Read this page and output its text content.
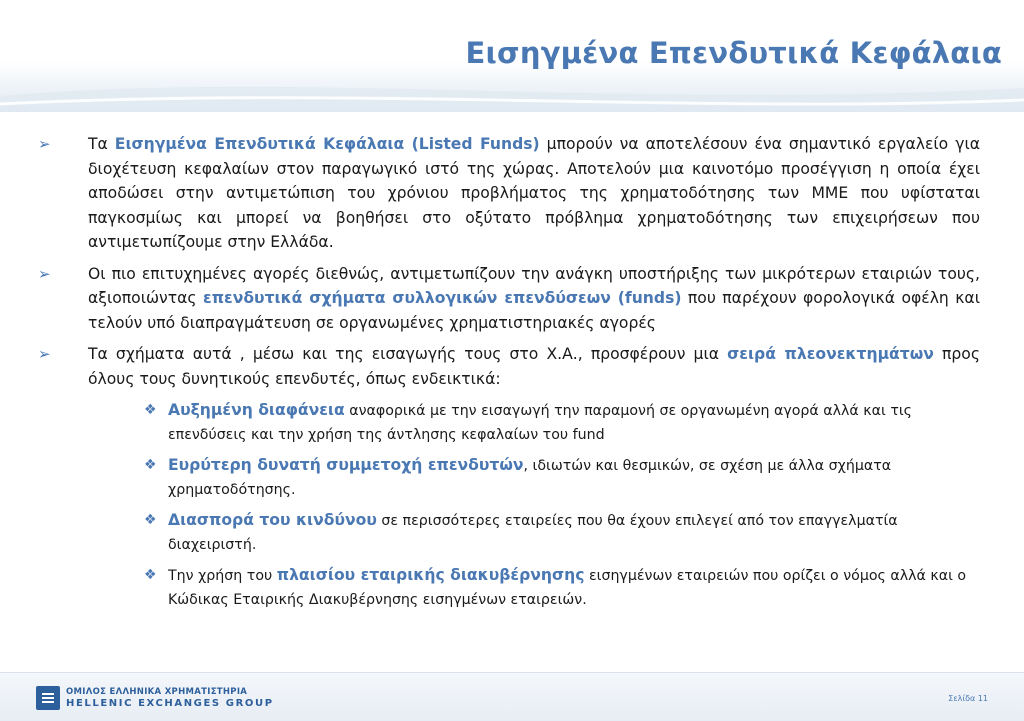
Εισηγμένα Επενδυτικά Κεφάλαια
➢ Τα Εισηγμένα Επενδυτικά Κεφάλαια (Listed Funds) μπορούν να αποτελέσουν ένα σημαντικό εργαλείο για διοχέτευση κεφαλαίων στον παραγωγικό ιστό της χώρας. Αποτελούν μια καινοτόμο προσέγγιση η οποία έχει αποδώσει στην αντιμετώπιση του χρόνιου προβλήματος της χρηματοδότησης των ΜΜΕ που υφίσταται παγκοσμίως και μπορεί να βοηθήσει στο οξύτατο πρόβλημα χρηματοδότησης των επιχειρήσεων που αντιμετωπίζουμε στην Ελλάδα.
➢ Οι πιο επιτυχημένες αγορές διεθνώς, αντιμετωπίζουν την ανάγκη υποστήριξης των μικρότερων εταιριών τους, αξιοποιώντας επενδυτικά σχήματα συλλογικών επενδύσεων (funds) που παρέχουν φορολογικά οφέλη και τελούν υπό διαπραγμάτευση σε οργανωμένες χρηματιστηριακές αγορές
➢ Τα σχήματα αυτά , μέσω και της εισαγωγής τους στο Χ.Α., προσφέρουν μια σειρά πλεονεκτημάτων προς όλους τους δυνητικούς επενδυτές, όπως ενδεικτικά:
❖ Αυξημένη διαφάνεια αναφορικά με την εισαγωγή την παραμονή σε οργανωμένη αγορά αλλά και τις επενδύσεις και την χρήση της άντλησης κεφαλαίων του fund
❖ Ευρύτερη δυνατή συμμετοχή επενδυτών, ιδιωτών και θεσμικών, σε σχέση με άλλα σχήματα χρηματοδότησης.
❖ Διασπορά του κινδύνου σε περισσότερες εταιρείες που θα έχουν επιλεγεί από τον επαγγελματία διαχειριστή.
❖ Την χρήση του πλαισίου εταιρικής διακυβέρνησης εισηγμένων εταιρειών που ορίζει ο νόμος αλλά και ο Κώδικας Εταιρικής Διακυβέρνησης εισηγμένων εταιρειών.
ΟΜΙΛΟΣ ΕΛΛΗΝΙΚΑ ΧΡΗΜΑΤΙΣΤΗΡΙΑ
HELLENIC EXCHANGES GROUP	Σελίδα 11
